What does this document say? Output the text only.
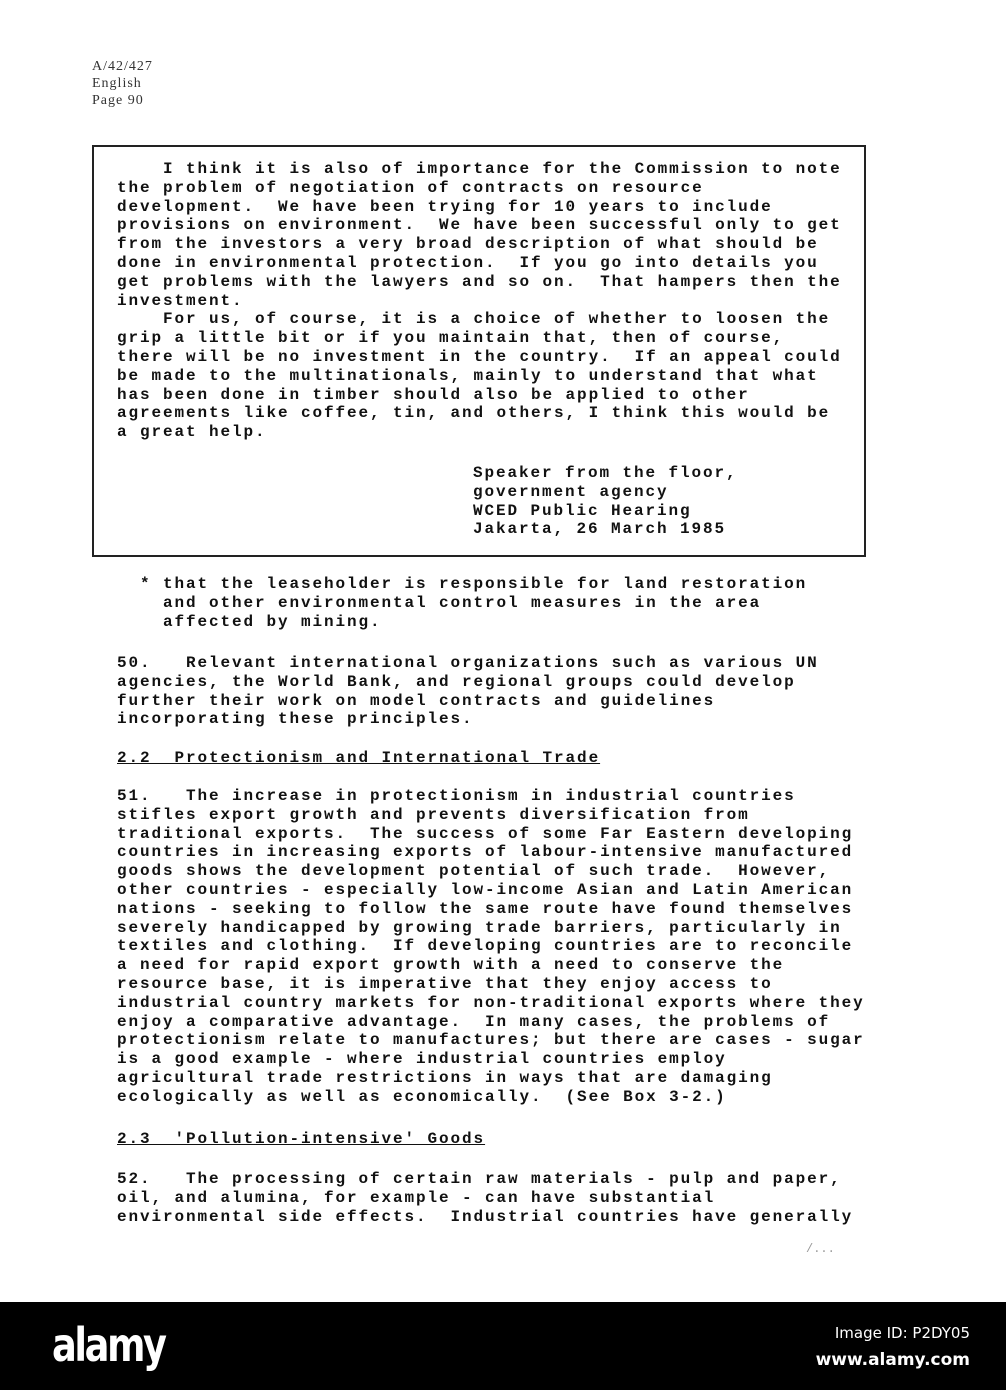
A/42/427
English
Page 90
I think it is also of importance for the Commission to note
the problem of negotiation of contracts on resource
development.  We have been trying for 10 years to include
provisions on environment.  We have been successful only to get
from the investors a very broad description of what should be
done in environmental protection.  If you go into details you
get problems with the lawyers and so on.  That hampers then the
investment.
For us, of course, it is a choice of whether to loosen the
grip a little bit or if you maintain that, then of course,
there will be no investment in the country.  If an appeal could
be made to the multinationals, mainly to understand that what
has been done in timber should also be applied to other
agreements like coffee, tin, and others, I think this would be
a great help.
Speaker from the floor,
government agency
WCED Public Hearing
Jakarta, 26 March 1985
* that the leaseholder is responsible for land restoration
and other environmental control measures in the area
affected by mining.
50.   Relevant international organizations such as various UN
agencies, the World Bank, and regional groups could develop
further their work on model contracts and guidelines
incorporating these principles.
2.2  Protectionism and International Trade
51.   The increase in protectionism in industrial countries
stifles export growth and prevents diversification from
traditional exports.  The success of some Far Eastern developing
countries in increasing exports of labour-intensive manufactured
goods shows the development potential of such trade.  However,
other countries - especially low-income Asian and Latin American
nations - seeking to follow the same route have found themselves
severely handicapped by growing trade barriers, particularly in
textiles and clothing.  If developing countries are to reconcile
a need for rapid export growth with a need to conserve the
resource base, it is imperative that they enjoy access to
industrial country markets for non-traditional exports where they
enjoy a comparative advantage.  In many cases, the problems of
protectionism relate to manufactures; but there are cases - sugar
is a good example - where industrial countries employ
agricultural trade restrictions in ways that are damaging
ecologically as well as economically.  (See Box 3-2.)
2.3  'Pollution-intensive' Goods
52.   The processing of certain raw materials - pulp and paper,
oil, and alumina, for example - can have substantial
environmental side effects.  Industrial countries have generally
/...
alamy	Image ID: P2DY05
www.alamy.com
